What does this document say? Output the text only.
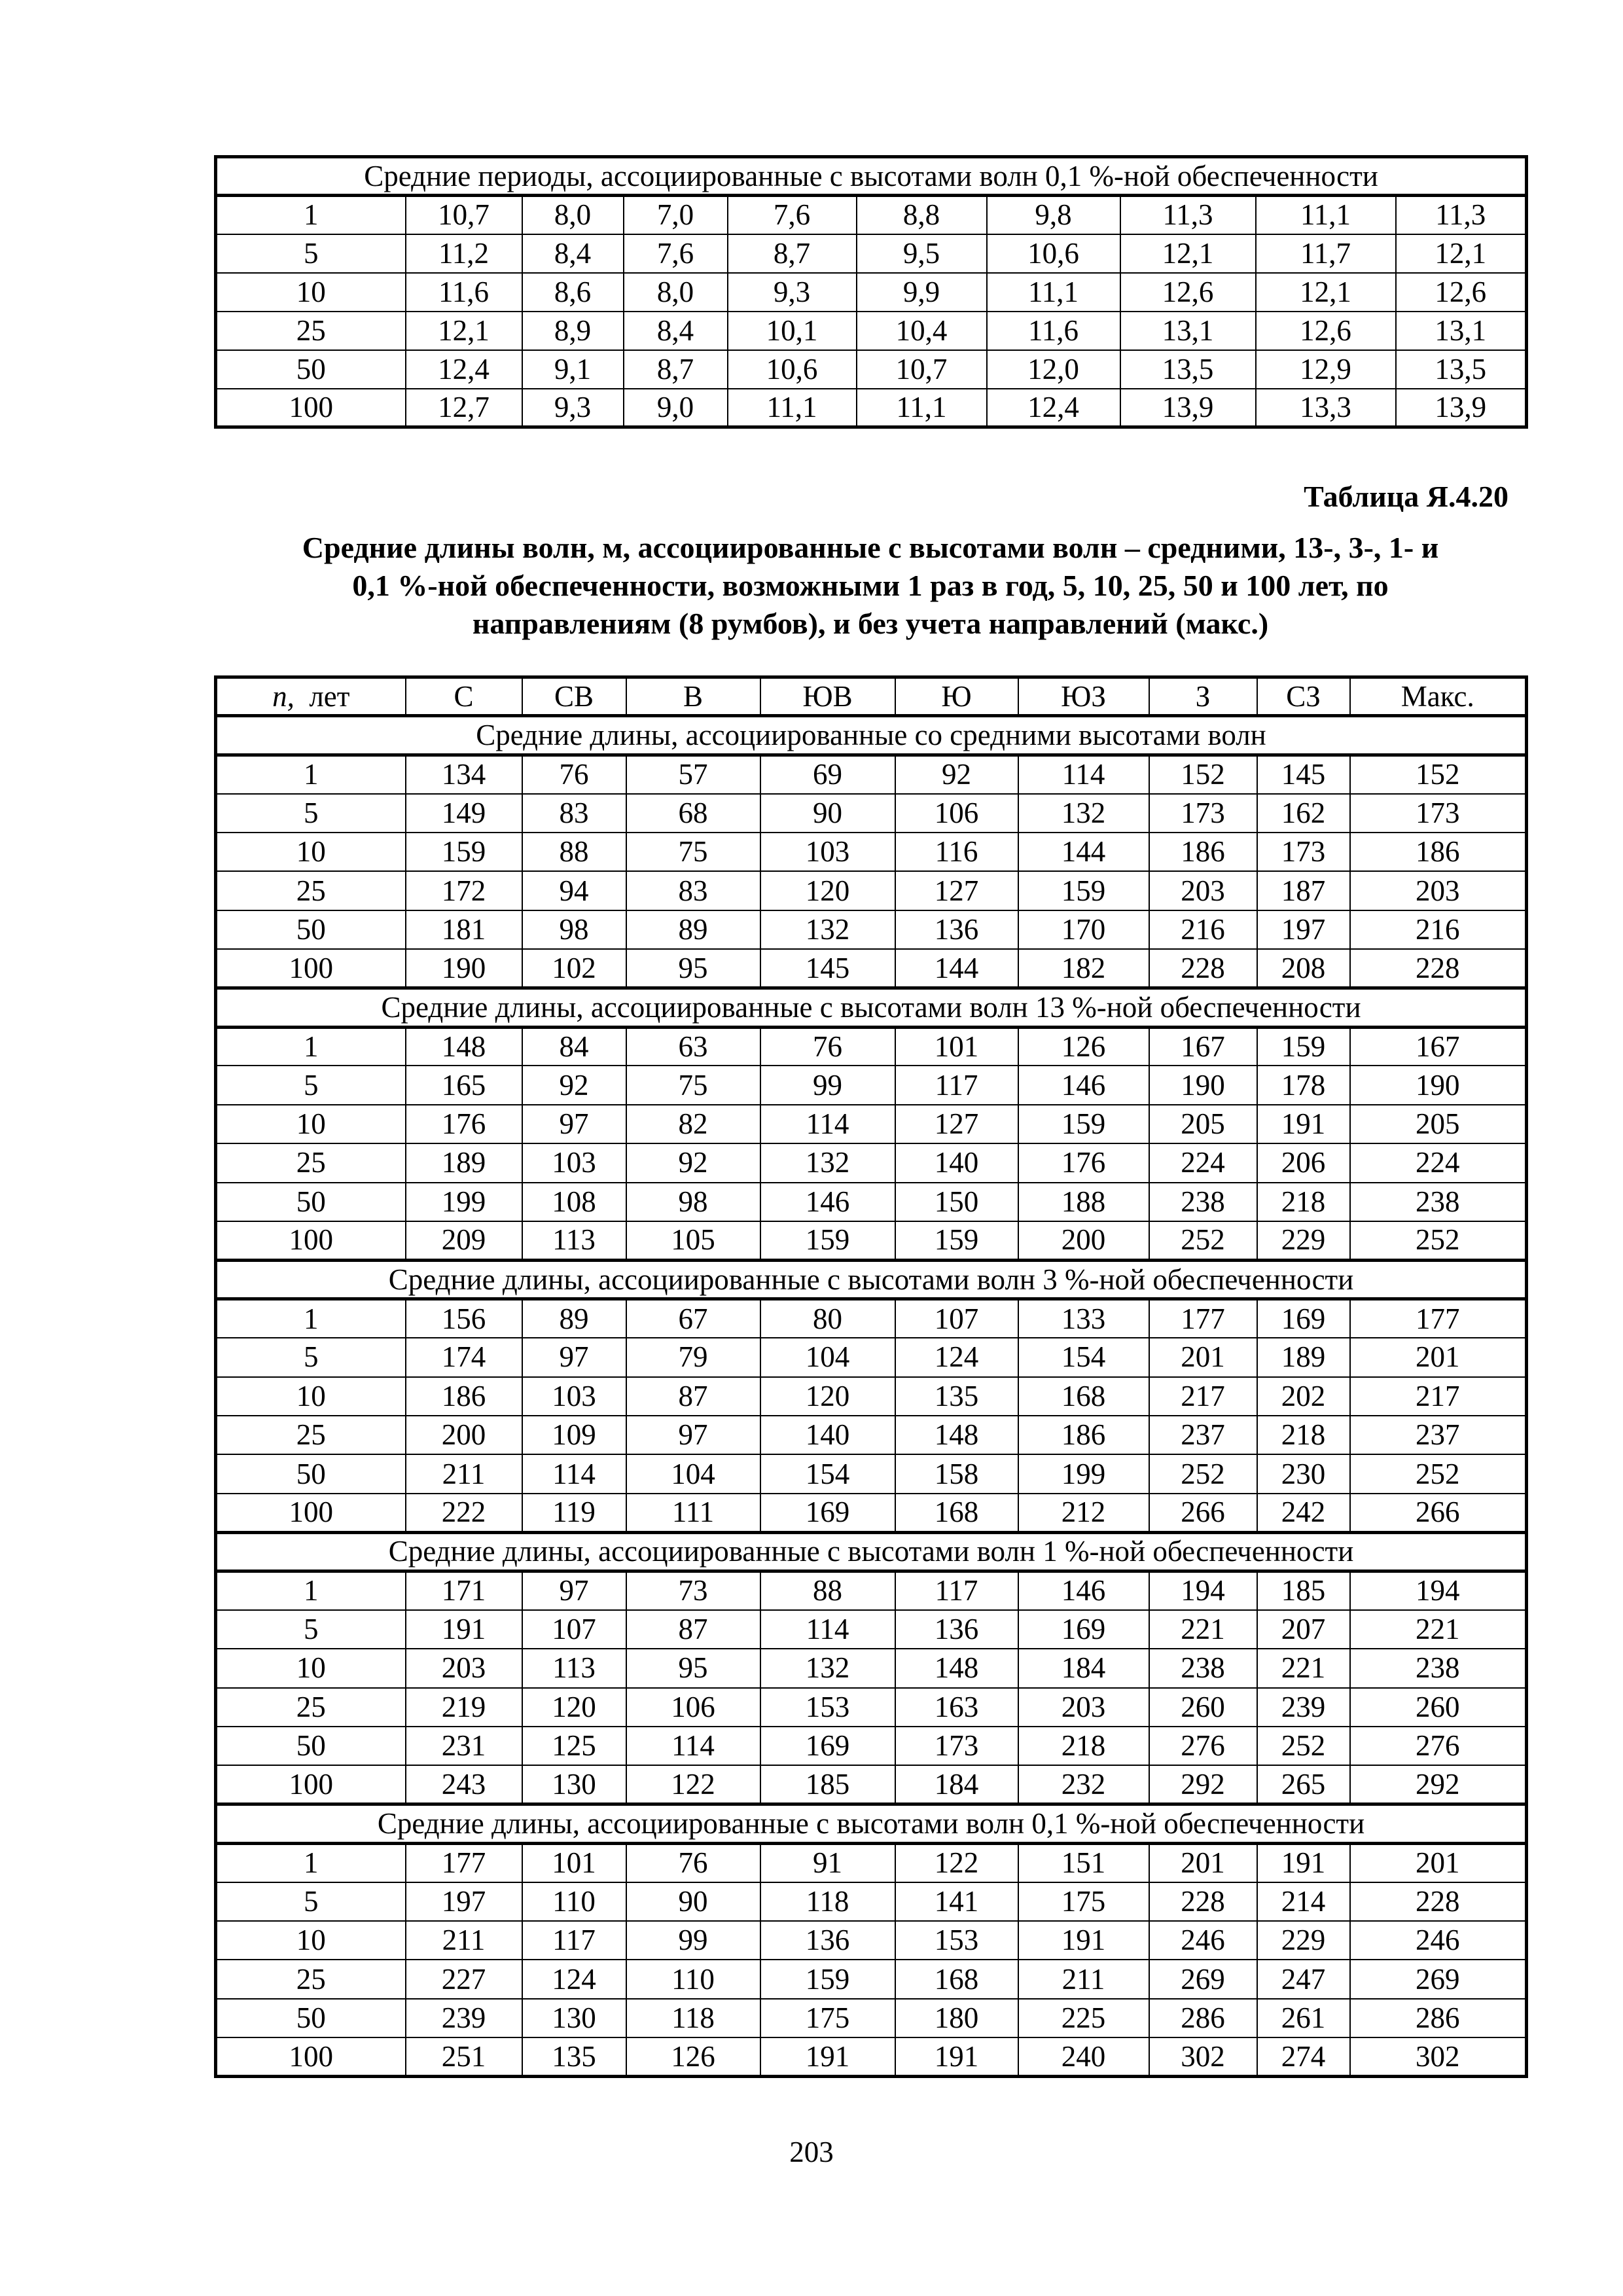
Средние периоды, ассоциированные с высотами волн 0,1 %-ной обеспеченности									
1	10,7	8,0	7,0	7,6	8,8	9,8	11,3	11,1	11,3
5	11,2	8,4	7,6	8,7	9,5	10,6	12,1	11,7	12,1
10	11,6	8,6	8,0	9,3	9,9	11,1	12,6	12,1	12,6
25	12,1	8,9	8,4	10,1	10,4	11,6	13,1	12,6	13,1
50	12,4	9,1	8,7	10,6	10,7	12,0	13,5	12,9	13,5
100	12,7	9,3	9,0	11,1	11,1	12,4	13,9	13,3	13,9
Таблица Я.4.20
Средние длины волн, м, ассоциированные с высотами волн – средними, 13-, 3-, 1- и
0,1 %-ной обеспеченности, возможными 1 раз в год, 5, 10, 25, 50 и 100 лет, по
направлениям (8 румбов), и без учета направлений (макс.)
n, лет	С	СВ	В	ЮВ	Ю	ЮЗ	З	СЗ	Макс.
Средние длины, ассоциированные со средними высотами волн									
1	134	76	57	69	92	114	152	145	152
5	149	83	68	90	106	132	173	162	173
10	159	88	75	103	116	144	186	173	186
25	172	94	83	120	127	159	203	187	203
50	181	98	89	132	136	170	216	197	216
100	190	102	95	145	144	182	228	208	228
Средние длины, ассоциированные с высотами волн 13 %-ной обеспеченности									
1	148	84	63	76	101	126	167	159	167
5	165	92	75	99	117	146	190	178	190
10	176	97	82	114	127	159	205	191	205
25	189	103	92	132	140	176	224	206	224
50	199	108	98	146	150	188	238	218	238
100	209	113	105	159	159	200	252	229	252
Средние длины, ассоциированные с высотами волн 3 %-ной обеспеченности									
1	156	89	67	80	107	133	177	169	177
5	174	97	79	104	124	154	201	189	201
10	186	103	87	120	135	168	217	202	217
25	200	109	97	140	148	186	237	218	237
50	211	114	104	154	158	199	252	230	252
100	222	119	111	169	168	212	266	242	266
Средние длины, ассоциированные с высотами волн 1 %-ной обеспеченности									
1	171	97	73	88	117	146	194	185	194
5	191	107	87	114	136	169	221	207	221
10	203	113	95	132	148	184	238	221	238
25	219	120	106	153	163	203	260	239	260
50	231	125	114	169	173	218	276	252	276
100	243	130	122	185	184	232	292	265	292
Средние длины, ассоциированные с высотами волн 0,1 %-ной обеспеченности									
1	177	101	76	91	122	151	201	191	201
5	197	110	90	118	141	175	228	214	228
10	211	117	99	136	153	191	246	229	246
25	227	124	110	159	168	211	269	247	269
50	239	130	118	175	180	225	286	261	286
100	251	135	126	191	191	240	302	274	302
203
